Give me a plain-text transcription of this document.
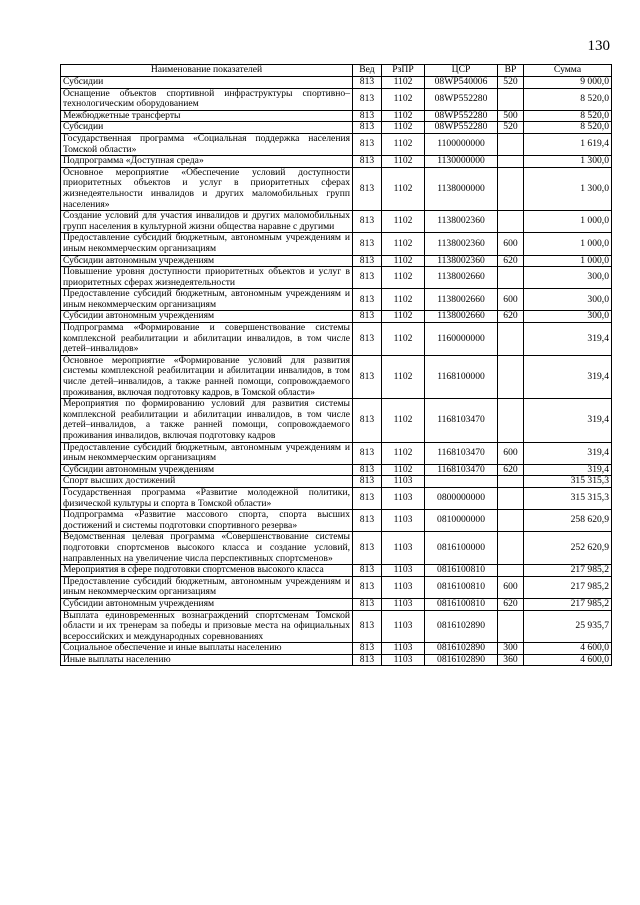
130
Наименование показателей	Вед	РзПР	ЦСР	ВР	Сумма
Субсидии	813	1102	08WP540006	520	9 000,0
Оснащение объектов спортивной инфраструктуры спортивно–технологическим оборудованием	813	1102	08WP552280		8 520,0
Межбюджетные трансферты	813	1102	08WP552280	500	8 520,0
Субсидии	813	1102	08WP552280	520	8 520,0
Государственная программа «Социальная поддержка населения Томской области»	813	1102	1100000000		1 619,4
Подпрограмма «Доступная среда»	813	1102	1130000000		1 300,0
Основное мероприятие «Обеспечение условий доступности приоритетных объектов и услуг в приоритетных сферах жизнедеятельности инвалидов и других маломобильных групп населения»	813	1102	1138000000		1 300,0
Создание условий для участия инвалидов и других маломобильных групп населения в культурной жизни общества наравне с другими	813	1102	1138002360		1 000,0
Предоставление субсидий бюджетным, автономным учреждениям и иным некоммерческим организациям	813	1102	1138002360	600	1 000,0
Субсидии автономным учреждениям	813	1102	1138002360	620	1 000,0
Повышение уровня доступности приоритетных объектов и услуг в приоритетных сферах жизнедеятельности	813	1102	1138002660		300,0
Предоставление субсидий бюджетным, автономным учреждениям и иным некоммерческим организациям	813	1102	1138002660	600	300,0
Субсидии автономным учреждениям	813	1102	1138002660	620	300,0
Подпрограмма «Формирование и совершенствование системы комплексной реабилитации и абилитации инвалидов, в том числе детей–инвалидов»	813	1102	1160000000		319,4
Основное мероприятие «Формирование условий для развития системы комплексной реабилитации и абилитации инвалидов, в том числе детей–инвалидов, а также ранней помощи, сопровождаемого проживания, включая подготовку кадров, в Томской области»	813	1102	1168100000		319,4
Мероприятия по формированию условий для развития системы комплексной реабилитации и абилитации инвалидов, в том числе детей–инвалидов, а также ранней помощи, сопровождаемого проживания инвалидов, включая подготовку кадров	813	1102	1168103470		319,4
Предоставление субсидий бюджетным, автономным учреждениям и иным некоммерческим организациям	813	1102	1168103470	600	319,4
Субсидии автономным учреждениям	813	1102	1168103470	620	319,4
Спорт высших достижений	813	1103			315 315,3
Государственная программа «Развитие молодежной политики, физической культуры и спорта в Томской области»	813	1103	0800000000		315 315,3
Подпрограмма «Развитие массового спорта, спорта высших достижений и системы подготовки спортивного резерва»	813	1103	0810000000		258 620,9
Ведомственная целевая программа «Совершенствование системы подготовки спортсменов высокого класса и создание условий, направленных на увеличение числа перспективных спортсменов»	813	1103	0816100000		252 620,9
Мероприятия в сфере подготовки спортсменов высокого класса	813	1103	0816100810		217 985,2
Предоставление субсидий бюджетным, автономным учреждениям и иным некоммерческим организациям	813	1103	0816100810	600	217 985,2
Субсидии автономным учреждениям	813	1103	0816100810	620	217 985,2
Выплата единовременных вознаграждений спортсменам Томской области и их тренерам за победы и призовые места на официальных всероссийских и международных соревнованиях	813	1103	0816102890		25 935,7
Социальное обеспечение и иные выплаты населению	813	1103	0816102890	300	4 600,0
Иные выплаты населению	813	1103	0816102890	360	4 600,0
